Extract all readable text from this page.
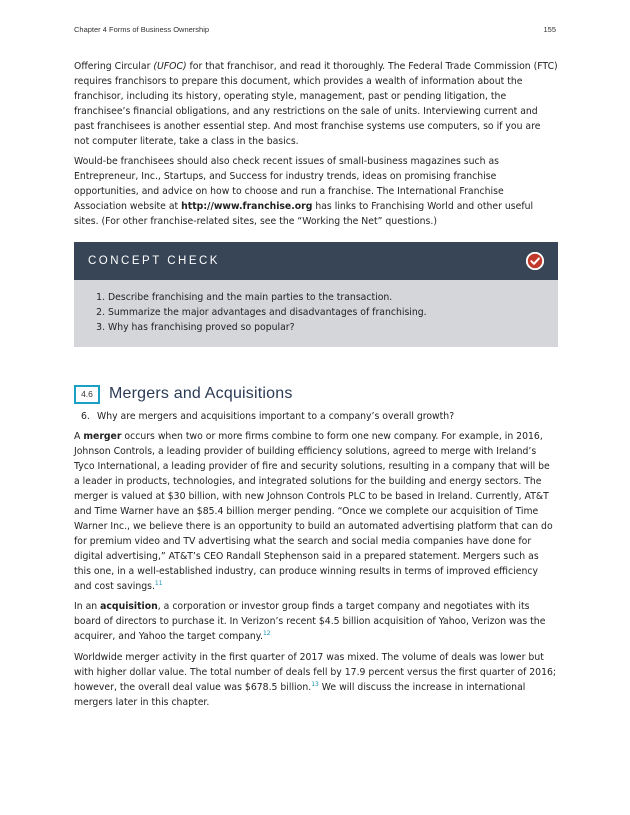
Chapter 4 Forms of Business Ownership	155

Offering Circular (UFOC) for that franchisor, and read it thoroughly. The Federal Trade Commission (FTC) requires franchisors to prepare this document, which provides a wealth of information about the franchisor, including its history, operating style, management, past or pending litigation, the franchisee’s financial obligations, and any restrictions on the sale of units. Interviewing current and past franchisees is another essential step. And most franchise systems use computers, so if you are not computer literate, take a class in the basics.

Would-be franchisees should also check recent issues of small-business magazines such as Entrepreneur, Inc., Startups, and Success for industry trends, ideas on promising franchise opportunities, and advice on how to choose and run a franchise. The International Franchise Association website at http://www.franchise.org has links to Franchising World and other useful sites. (For other franchise-related sites, see the “Working the Net” questions.)

CONCEPT CHECK
1. Describe franchising and the main parties to the transaction.
2. Summarize the major advantages and disadvantages of franchising.
3. Why has franchising proved so popular?
4.6	Mergers and Acquisitions
6. Why are mergers and acquisitions important to a company’s overall growth?

A merger occurs when two or more firms combine to form one new company. For example, in 2016, Johnson Controls, a leading provider of building efficiency solutions, agreed to merge with Ireland’s Tyco International, a leading provider of fire and security solutions, resulting in a company that will be a leader in products, technologies, and integrated solutions for the building and energy sectors. The merger is valued at $30 billion, with new Johnson Controls PLC to be based in Ireland. Currently, AT&T and Time Warner have an $85.4 billion merger pending. “Once we complete our acquisition of Time Warner Inc., we believe there is an opportunity to build an automated advertising platform that can do for premium video and TV advertising what the search and social media companies have done for digital advertising,” AT&T’s CEO Randall Stephenson said in a prepared statement. Mergers such as this one, in a well-established industry, can produce winning results in terms of improved efficiency and cost savings.$^{11}$

In an acquisition, a corporation or investor group finds a target company and negotiates with its board of directors to purchase it. In Verizon’s recent $4.5 billion acquisition of Yahoo, Verizon was the acquirer, and Yahoo the target company.$^{12}$

Worldwide merger activity in the first quarter of 2017 was mixed. The volume of deals was lower but with higher dollar value. The total number of deals fell by 17.9 percent versus the first quarter of 2016; however, the overall deal value was $678.5 billion.$^{13}$ We will discuss the increase in international mergers later in this chapter.
